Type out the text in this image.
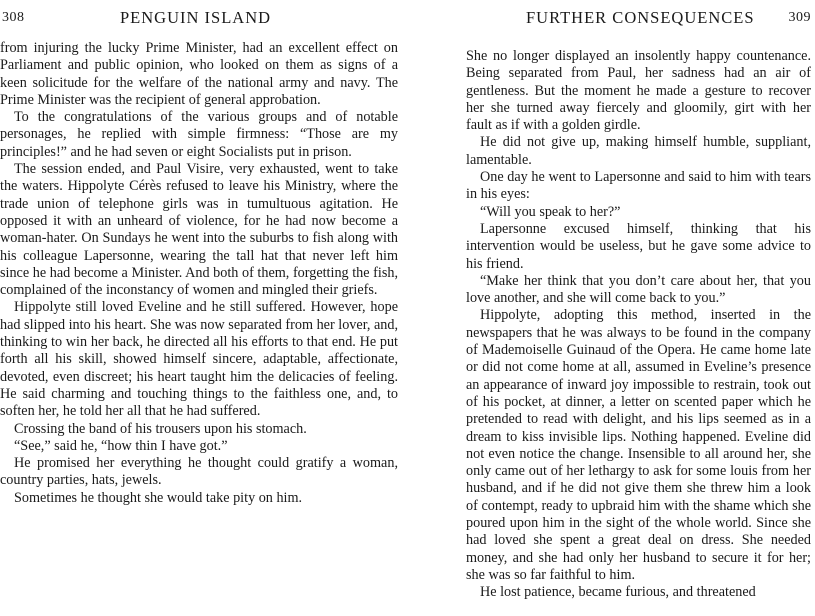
308	PENGUIN ISLAND

from injuring the lucky Prime Minister, had an excellent effect on Parliament and public opinion, who looked on them as signs of a keen solicitude for the welfare of the national army and navy. The Prime Minister was the recipient of general approbation.

To the congratulations of the various groups and of notable personages, he replied with simple firmness: “Those are my principles!” and he had seven or eight Socialists put in prison.

The session ended, and Paul Visire, very exhausted, went to take the waters. Hippolyte Cérès refused to leave his Ministry, where the trade union of telephone girls was in tumultuous agitation. He opposed it with an unheard of violence, for he had now become a woman-hater. On Sundays he went into the suburbs to fish along with his colleague Lapersonne, wearing the tall hat that never left him since he had become a Minister. And both of them, forgetting the fish, complained of the inconstancy of women and mingled their griefs.

Hippolyte still loved Eveline and he still suffered. However, hope had slipped into his heart. She was now separated from her lover, and, thinking to win her back, he directed all his efforts to that end. He put forth all his skill, showed himself sincere, adaptable, affectionate, devoted, even discreet; his heart taught him the delicacies of feeling. He said charming and touching things to the faithless one, and, to soften her, he told her all that he had suffered.

Crossing the band of his trousers upon his stomach.

“See,” said he, “how thin I have got.”

He promised her everything he thought could gratify a woman, country parties, hats, jewels.

Sometimes he thought she would take pity on him.

FURTHER CONSEQUENCES 309

She no longer displayed an insolently happy countenance. Being separated from Paul, her sadness had an air of gentleness. But the moment he made a gesture to recover her she turned away fiercely and gloomily, girt with her fault as if with a golden girdle.

He did not give up, making himself humble, suppliant, lamentable.

One day he went to Lapersonne and said to him with tears in his eyes:

“Will you speak to her?”

Lapersonne excused himself, thinking that his intervention would be useless, but he gave some advice to his friend.

“Make her think that you don’t care about her, that you love another, and she will come back to you.”

Hippolyte, adopting this method, inserted in the newspapers that he was always to be found in the company of Mademoiselle Guinaud of the Opera. He came home late or did not come home at all, assumed in Eveline’s presence an appearance of inward joy impossible to restrain, took out of his pocket, at dinner, a letter on scented paper which he pretended to read with delight, and his lips seemed as in a dream to kiss invisible lips. Nothing happened. Eveline did not even notice the change. Insensible to all around her, she only came out of her lethargy to ask for some louis from her husband, and if he did not give them she threw him a look of contempt, ready to upbraid him with the shame which she poured upon him in the sight of the whole world. Since she had loved she spent a great deal on dress. She needed money, and she had only her husband to secure it for her; she was so far faithful to him.

He lost patience, became furious, and threatened
